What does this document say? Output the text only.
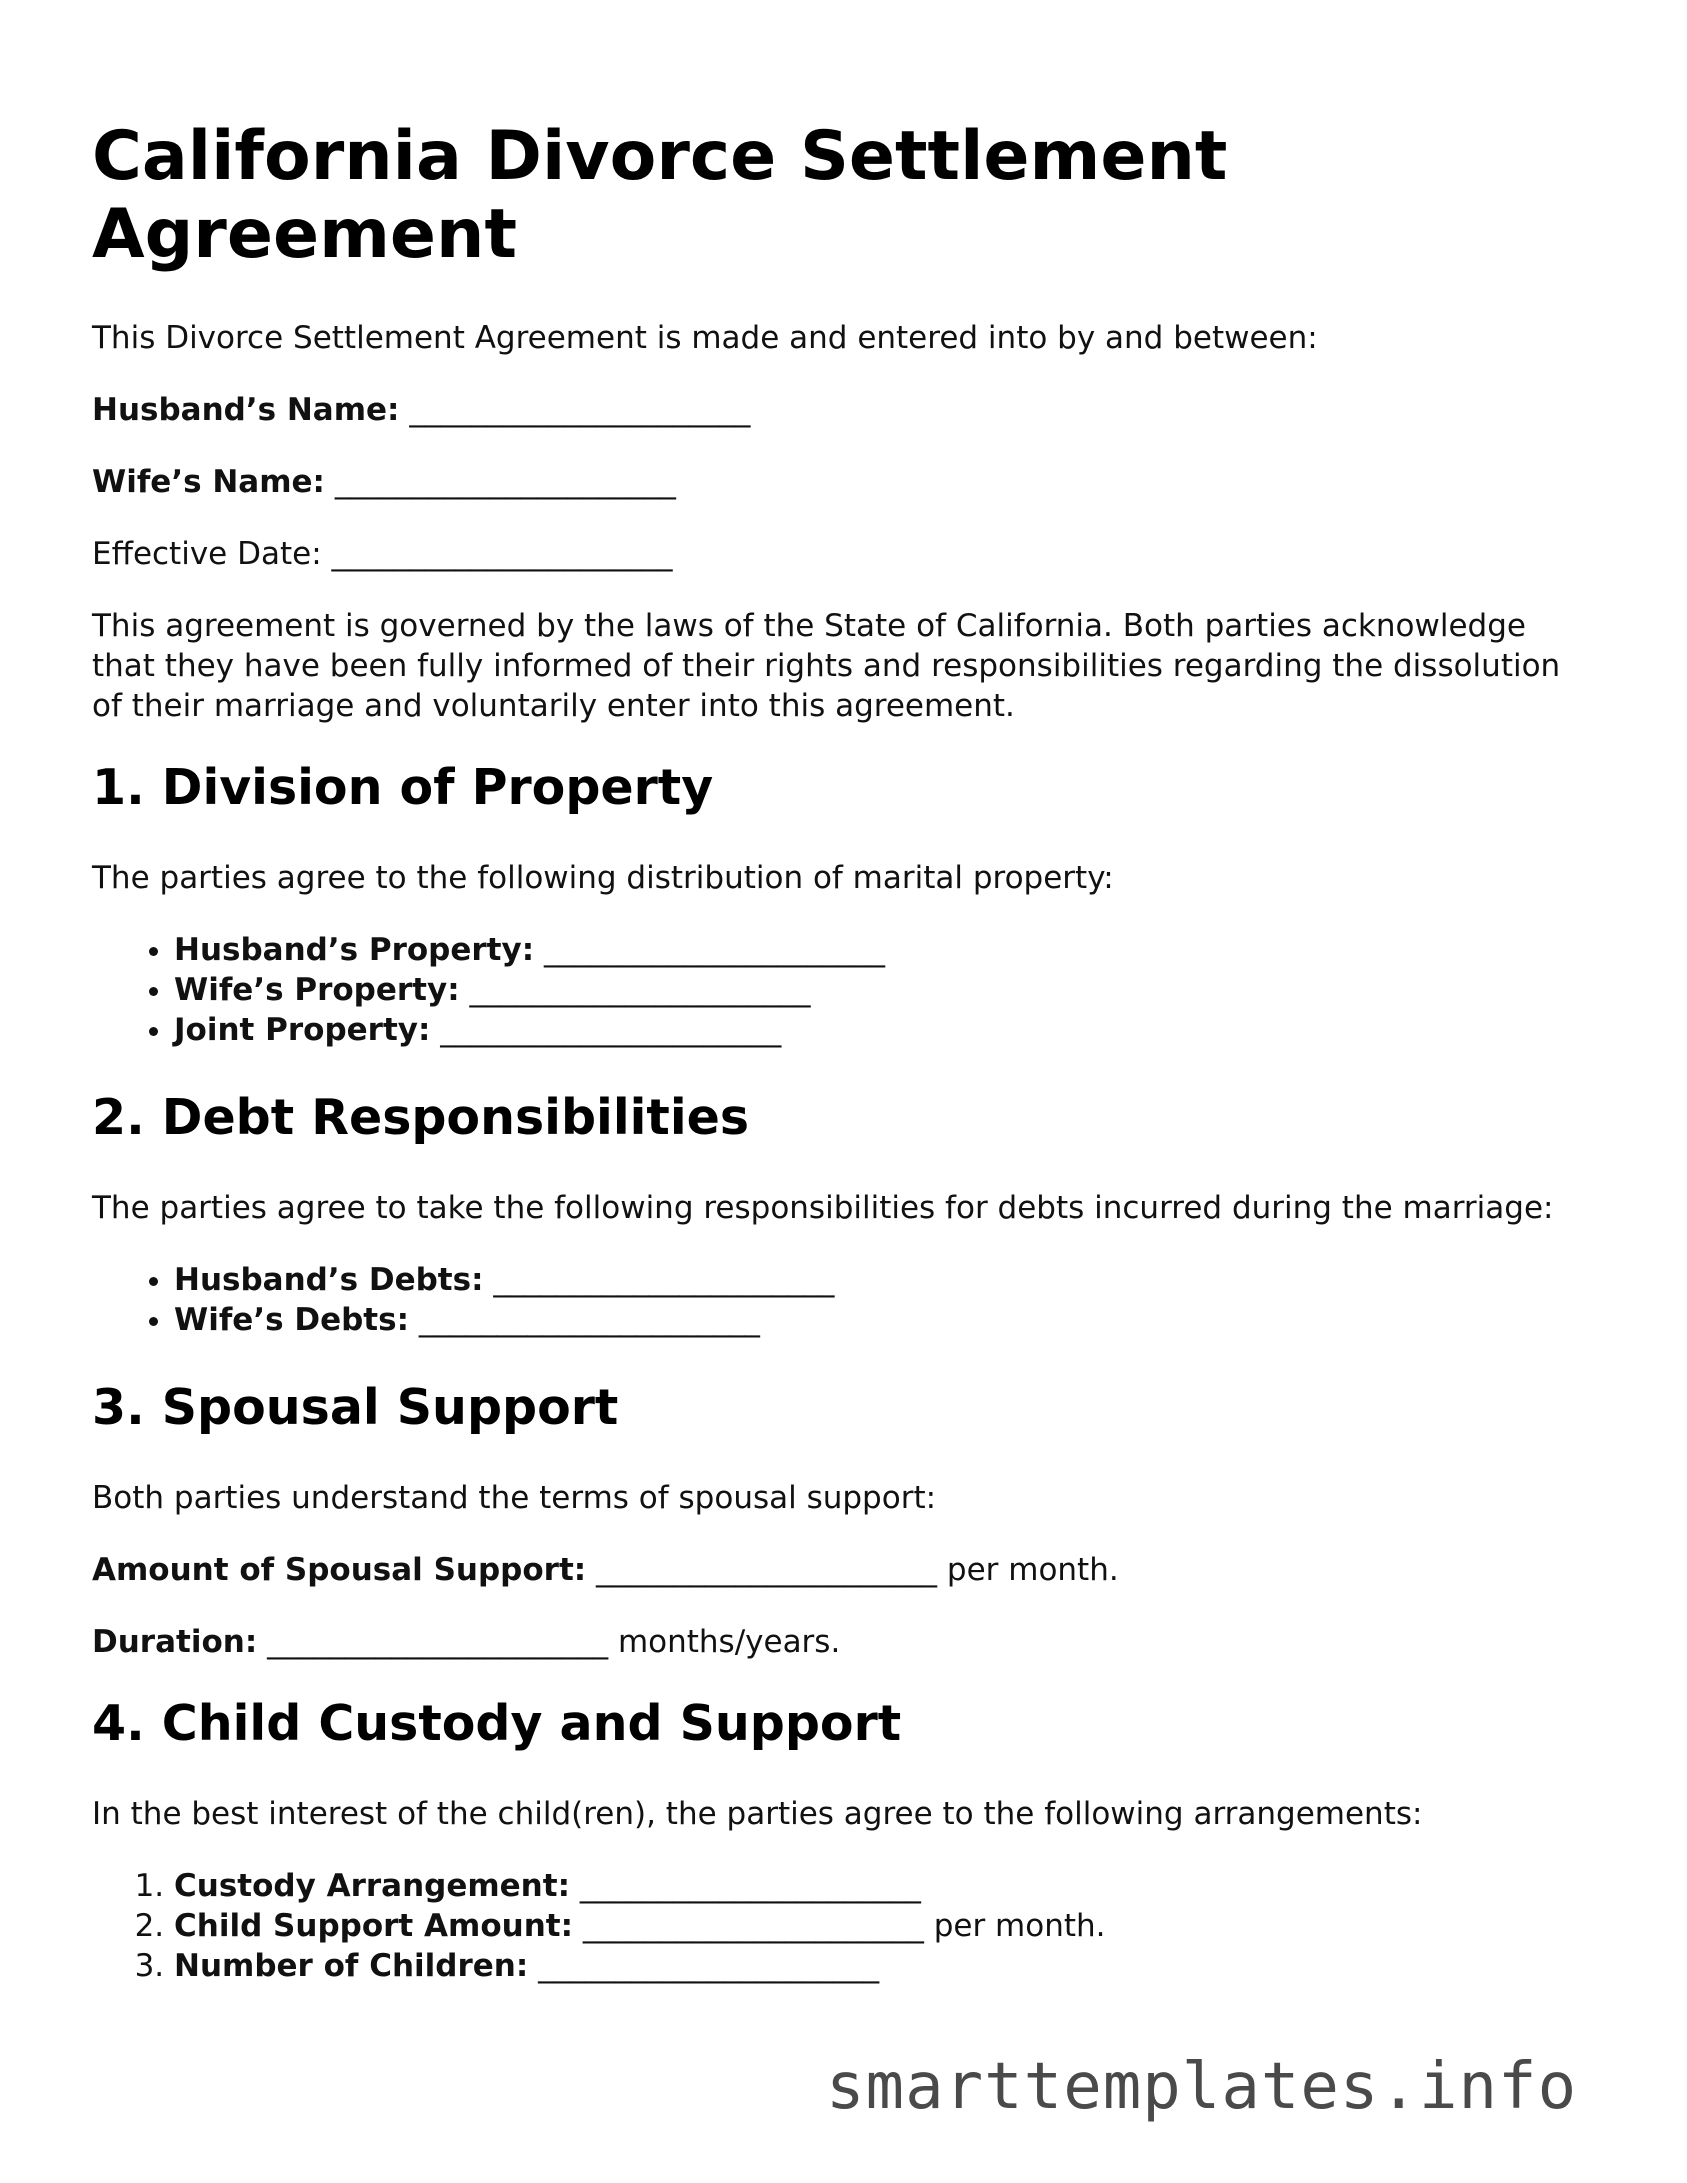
California Divorce Settlement Agreement

This Divorce Settlement Agreement is made and entered into by and between:

Husband’s Name: ______________________

Wife’s Name: ______________________

Effective Date: ______________________

This agreement is governed by the laws of the State of California. Both parties acknowledge that they have been fully informed of their rights and responsibilities regarding the dissolution of their marriage and voluntarily enter into this agreement.

1. Division of Property

The parties agree to the following distribution of marital property:

• Husband’s Property: ______________________
• Wife’s Property: ______________________
• Joint Property: ______________________
2. Debt Responsibilities

The parties agree to take the following responsibilities for debts incurred during the marriage:

• Husband’s Debts: ______________________
• Wife’s Debts: ______________________
3. Spousal Support

Both parties understand the terms of spousal support:

Amount of Spousal Support: ______________________ per month.

Duration: ______________________ months/years.

4. Child Custody and Support

In the best interest of the child(ren), the parties agree to the following arrangements:

1. Custody Arrangement: ______________________
2. Child Support Amount: ______________________ per month.
3. Number of Children: ______________________
smarttemplates.info
